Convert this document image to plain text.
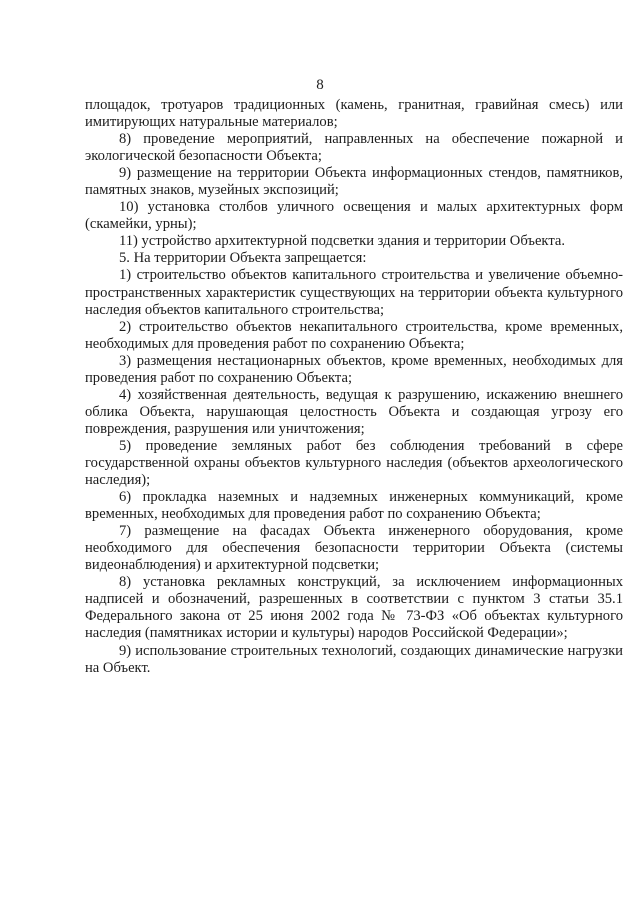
8

площадок, тротуаров традиционных (камень, гранитная, гравийная смесь) или имитирующих натуральные материалов;

8) проведение мероприятий, направленных на обеспечение пожарной и экологической безопасности Объекта;

9) размещение на территории Объекта информационных стендов, памятников, памятных знаков, музейных экспозиций;

10) установка столбов уличного освещения и малых архитектурных форм (скамейки, урны);

11) устройство архитектурной подсветки здания и территории Объекта.

5. На территории Объекта запрещается:

1) строительство объектов капитального строительства и увеличение объемно-пространственных характеристик существующих на территории объекта культурного наследия объектов капитального строительства;

2) строительство объектов некапитального строительства, кроме временных, необходимых для проведения работ по сохранению Объекта;

3) размещения нестационарных объектов, кроме временных, необходимых для проведения работ по сохранению Объекта;

4) хозяйственная деятельность, ведущая к разрушению, искажению внешнего облика Объекта, нарушающая целостность Объекта и создающая угрозу его повреждения, разрушения или уничтожения;

5) проведение земляных работ без соблюдения требований в сфере государственной охраны объектов культурного наследия (объектов археологического наследия);

6) прокладка наземных и надземных инженерных коммуникаций, кроме временных, необходимых для проведения работ по сохранению Объекта;

7) размещение на фасадах Объекта инженерного оборудования, кроме необходимого для обеспечения безопасности территории Объекта (системы видеонаблюдения) и архитектурной подсветки;

8) установка рекламных конструкций, за исключением информационных надписей и обозначений, разрешенных в соответствии с пунктом 3 статьи 35.1 Федерального закона от 25 июня 2002 года № 73-ФЗ «Об объектах культурного наследия (памятниках истории и культуры) народов Российской Федерации»;

9) использование строительных технологий, создающих динамические нагрузки на Объект.
